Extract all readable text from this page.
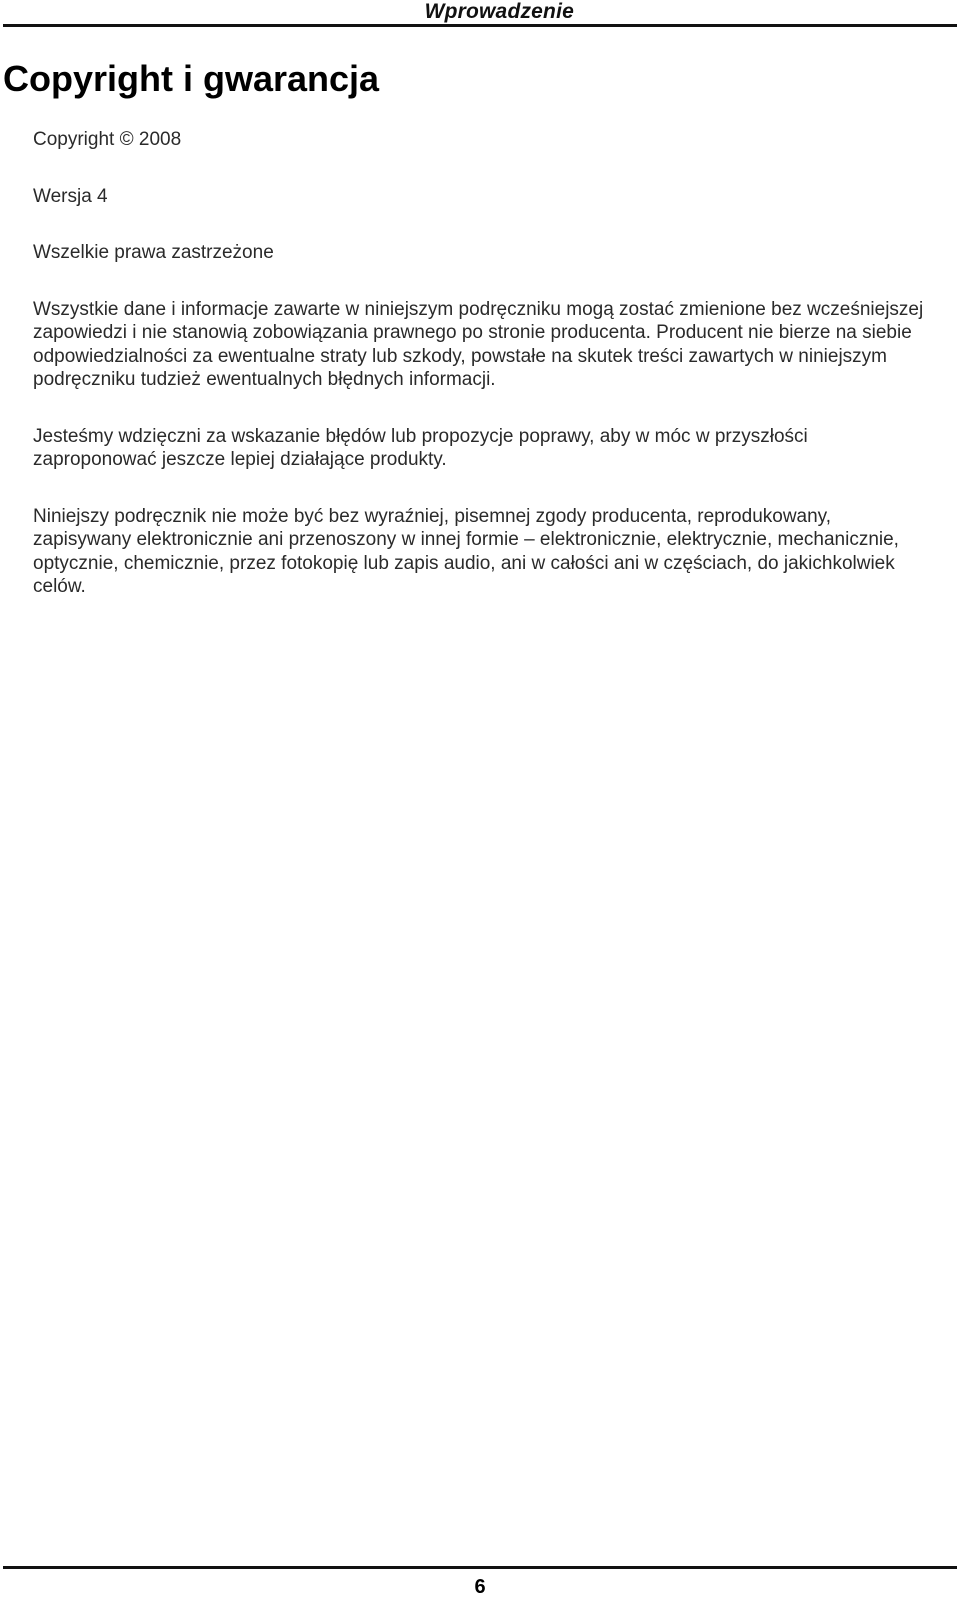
Wprowadzenie
Copyright i gwarancja

Copyright © 2008

Wersja 4

Wszelkie prawa zastrzeżone

Wszystkie dane i informacje zawarte w niniejszym podręczniku mogą zostać zmienione bez wcześniejszej zapowiedzi i nie stanowią zobowiązania prawnego po stronie producenta. Producent nie bierze na siebie odpowiedzialności za ewentualne straty lub szkody, powstałe na skutek treści zawartych w niniejszym podręczniku tudzież ewentualnych błędnych informacji.

Jesteśmy wdzięczni za wskazanie błędów lub propozycje poprawy, aby w móc w przyszłości zaproponować jeszcze lepiej działające produkty.

Niniejszy podręcznik nie może być bez wyraźniej, pisemnej zgody producenta, reprodukowany, zapisywany elektronicznie ani przenoszony w innej formie – elektronicznie, elektrycznie, mechanicznie, optycznie, chemicznie, przez fotokopię lub zapis audio, ani w całości ani w częściach, do jakichkolwiek celów.

6
